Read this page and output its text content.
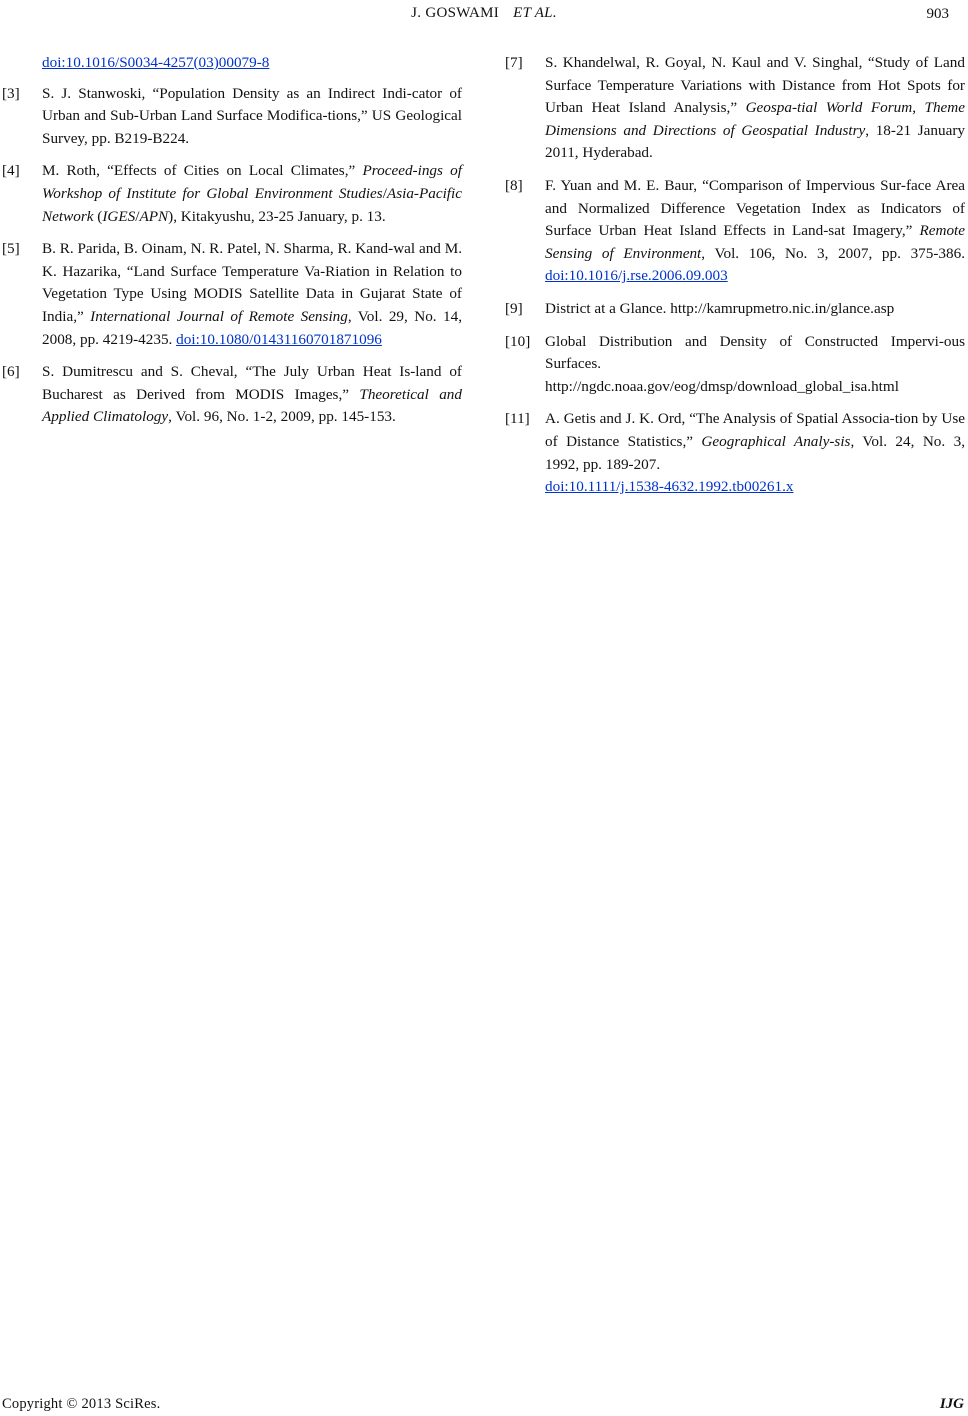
J. GOSWAMI ET AL.	903
doi:10.1016/S0034-4257(03)00079-8
[3]	S. J. Stanwoski, “Population Density as an Indirect Indi-cator of Urban and Sub-Urban Land Surface Modifica-tions,” US Geological Survey, pp. B219-B224.
[4]	M. Roth, “Effects of Cities on Local Climates,” Proceed-ings of Workshop of Institute for Global Environment Studies/Asia-Pacific Network (IGES/APN), Kitakyushu, 23-25 January, p. 13.
[5]	B. R. Parida, B. Oinam, N. R. Patel, N. Sharma, R. Kand-wal and M. K. Hazarika, “Land Surface Temperature Va-Riation in Relation to Vegetation Type Using MODIS Satellite Data in Gujarat State of India,” International Journal of Remote Sensing, Vol. 29, No. 14, 2008, pp. 4219-4235. doi:10.1080/01431160701871096
[6]	S. Dumitrescu and S. Cheval, “The July Urban Heat Is-land of Bucharest as Derived from MODIS Images,” Theoretical and Applied Climatology, Vol. 96, No. 1-2, 2009, pp. 145-153.
[7]	S. Khandelwal, R. Goyal, N. Kaul and V. Singhal, “Study of Land Surface Temperature Variations with Distance from Hot Spots for Urban Heat Island Analysis,” Geospa-tial World Forum, Theme Dimensions and Directions of Geospatial Industry, 18-21 January 2011, Hyderabad.
[8]	F. Yuan and M. E. Baur, “Comparison of Impervious Sur-face Area and Normalized Difference Vegetation Index as Indicators of Surface Urban Heat Island Effects in Land-sat Imagery,” Remote Sensing of Environment, Vol. 106, No. 3, 2007, pp. 375-386. doi:10.1016/j.rse.2006.09.003
[9]	District at a Glance. http://kamrupmetro.nic.in/glance.asp
[10] Global Distribution and Density of Constructed Impervi-ous Surfaces.
http://ngdc.noaa.gov/eog/dmsp/download_global_isa.html
[11]	A. Getis and J. K. Ord, “The Analysis of Spatial Associa-tion by Use of Distance Statistics,” Geographical Analy-sis, Vol. 24, No. 3, 1992, pp. 189-207.
doi:10.1111/j.1538-4632.1992.tb00261.x
Copyright © 2013 SciRes.	IJG
